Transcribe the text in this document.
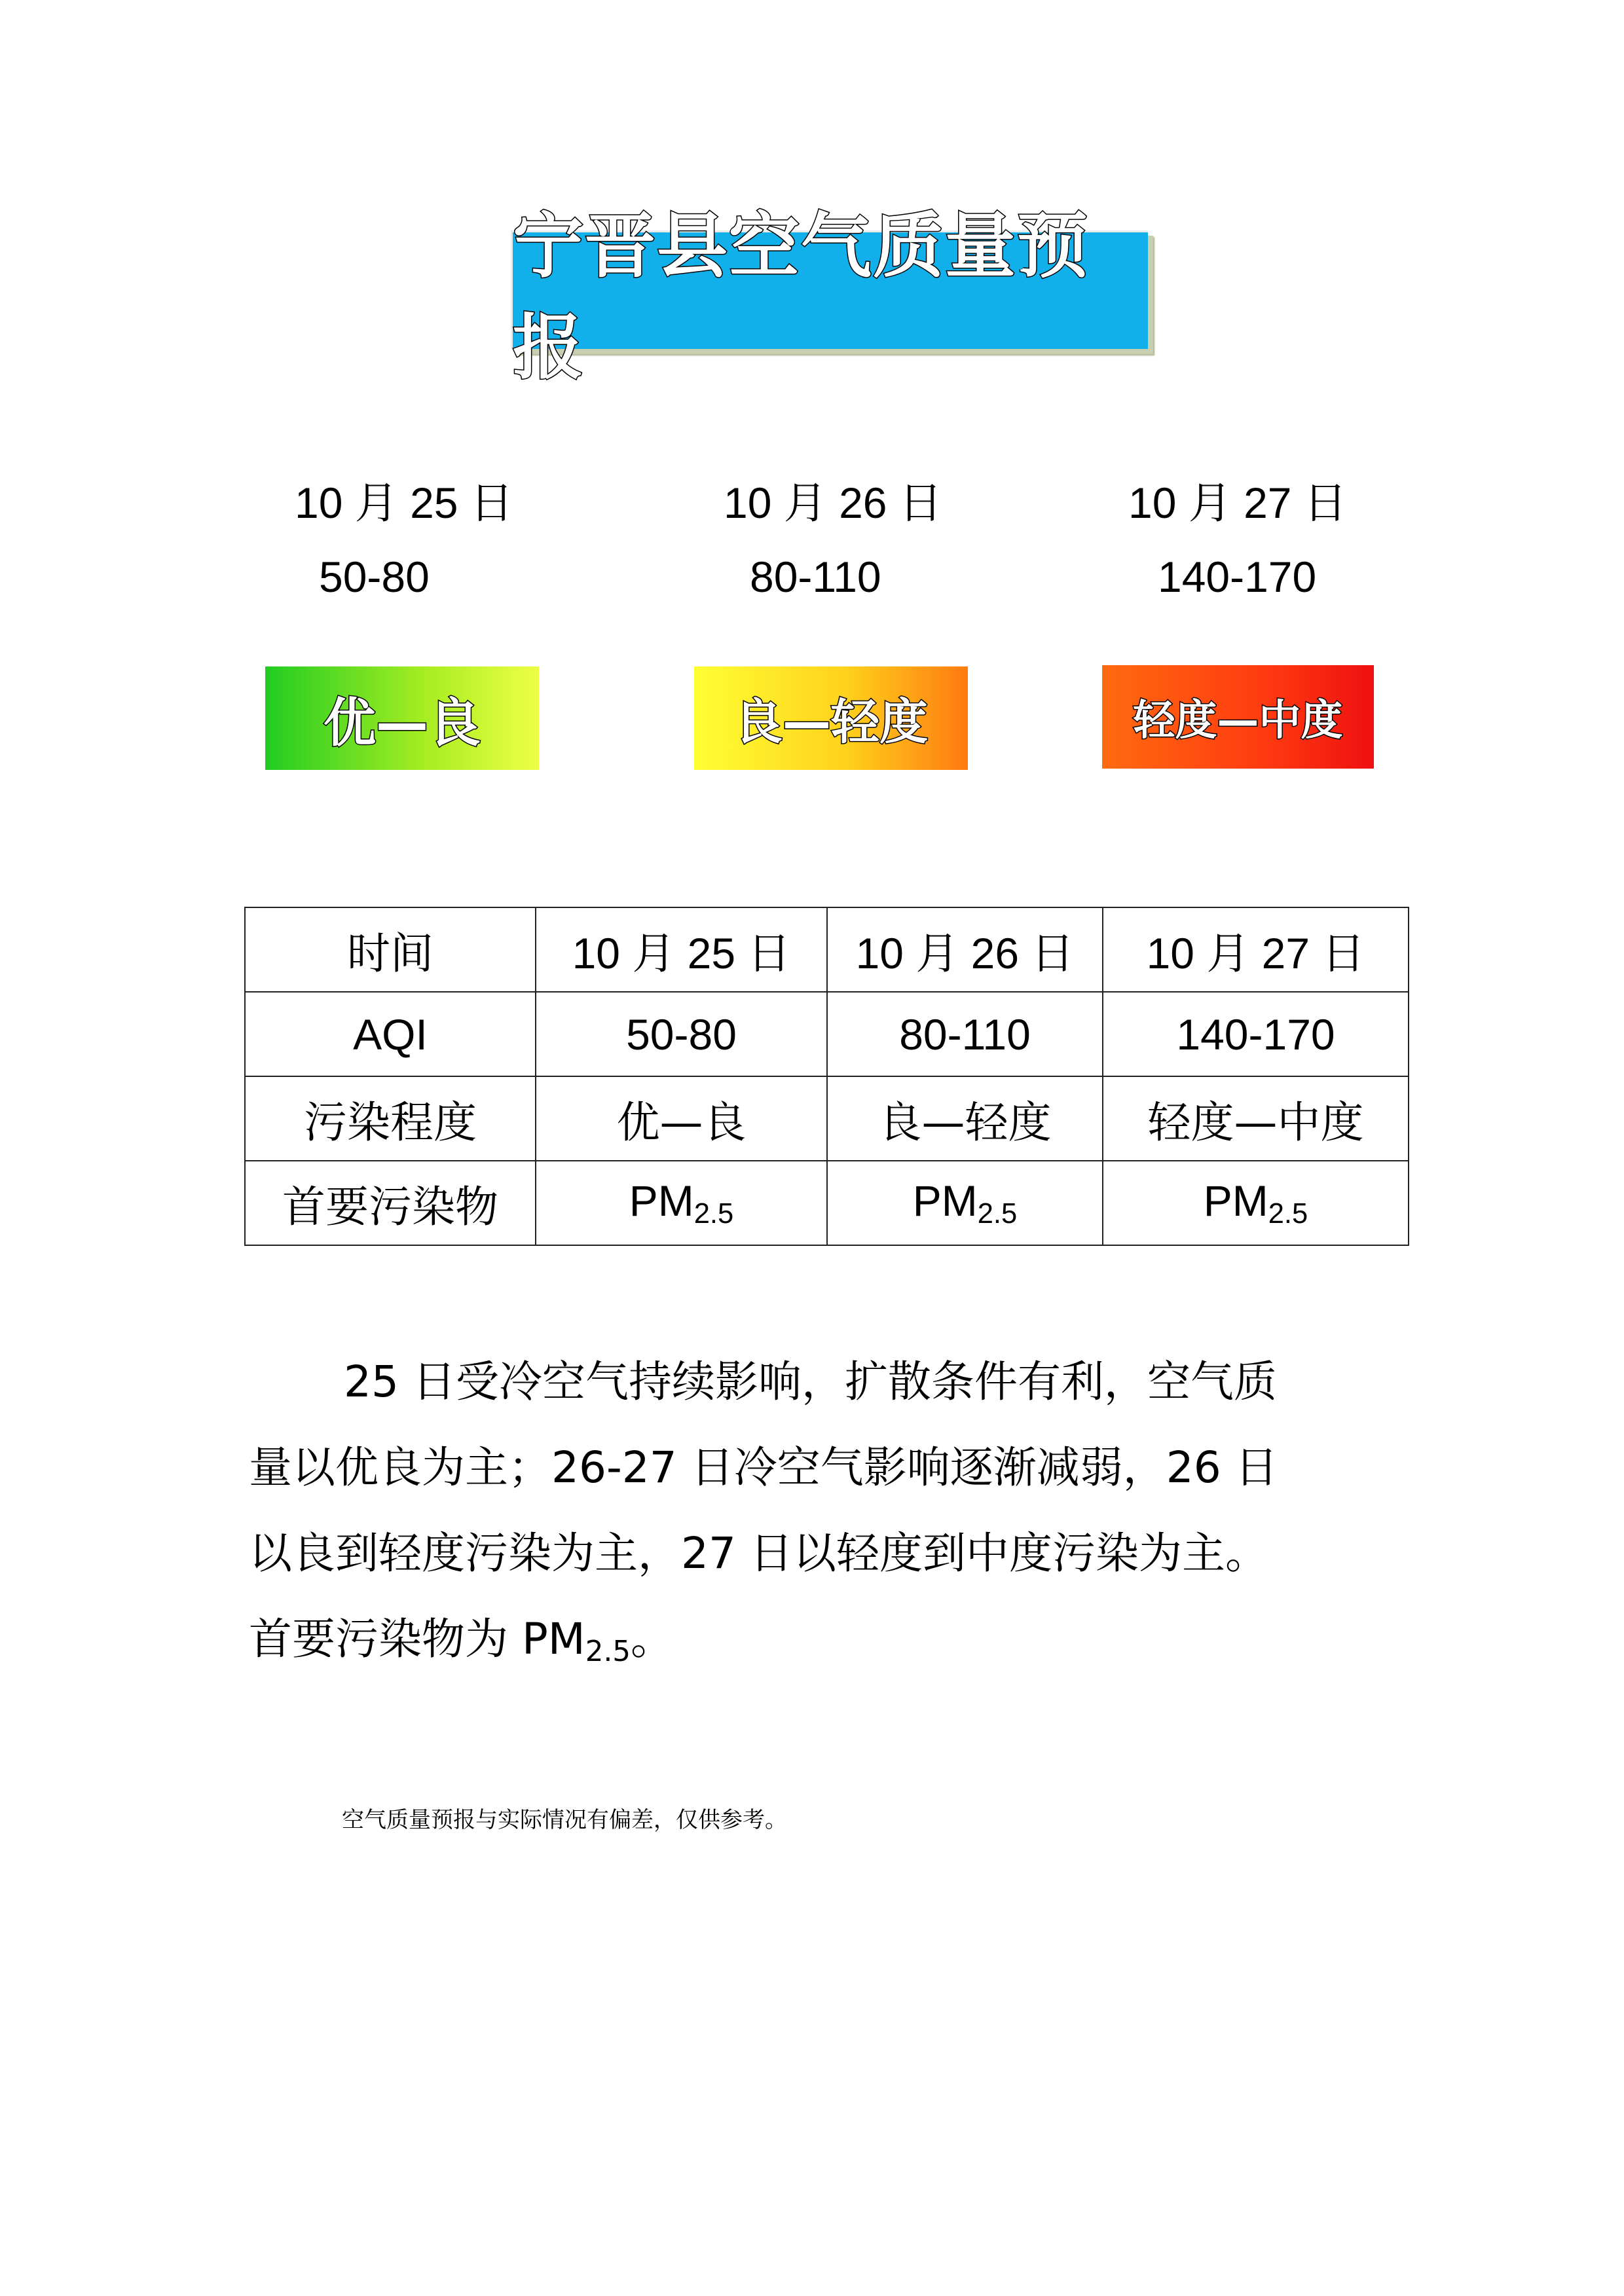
宁晋县空气质量预报
10 月 25 日
50-80
10 月 26 日
80-110
10 月 27 日
140-170
优—良	良—轻度	轻度—中度
时间	10 月 25 日	10 月 26 日	10 月 27 日
AQI	50-80	80-110	140-170
污染程度	优—良	良—轻度	轻度—中度
首要污染物	$PM_{2.5}$	$PM_{2.5}$	$PM_{2.5}$

25 日受冷空气持续影响，扩散条件有利，空气质

量以优良为主；26-27 日冷空气影响逐渐减弱，26 日

以良到轻度污染为主，27 日以轻度到中度污染为主。

首要污染物为 $PM_{2.5}$。

空气质量预报与实际情况有偏差，仅供参考。
